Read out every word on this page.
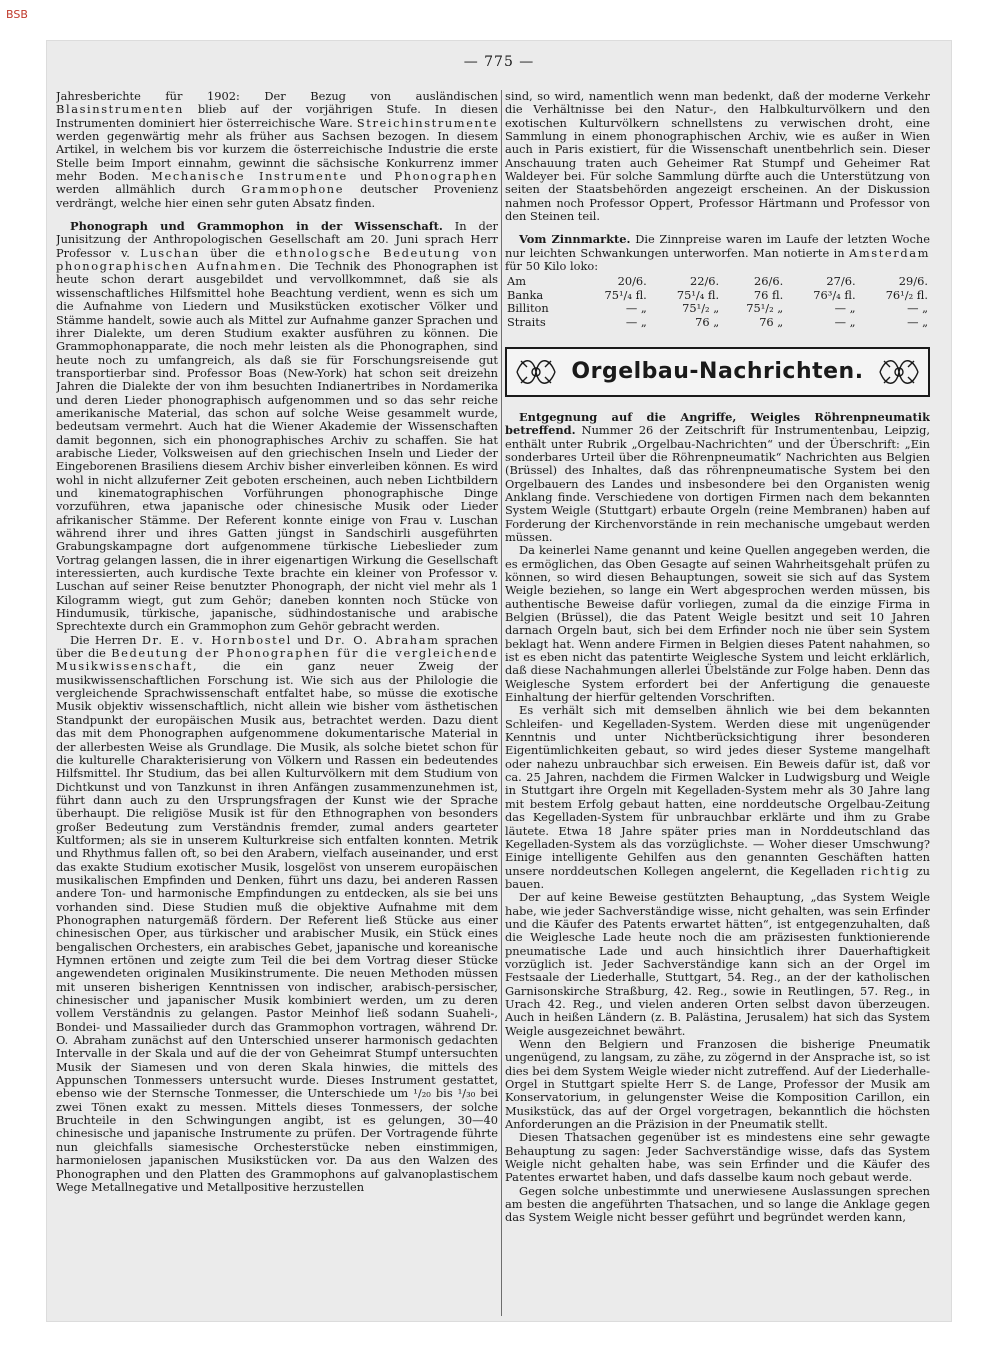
BSB
— 775 —

Jahresberichte für 1902: Der Bezug von ausländischen Blasinstrumenten blieb auf der vorjährigen Stufe. In diesen Instrumenten dominiert hier österreichische Ware. Streichinstrumente werden gegenwärtig mehr als früher aus Sachsen bezogen. In diesem Artikel, in welchem bis vor kurzem die österreichische Industrie die erste Stelle beim Import einnahm, gewinnt die sächsische Konkurrenz immer mehr Boden. Mechanische Instrumente und Phonographen werden allmählich durch Grammophone deutscher Provenienz verdrängt, welche hier einen sehr guten Absatz finden.

Phonograph und Grammophon in der Wissenschaft. In der Junisitzung der Anthropologischen Gesellschaft am 20. Juni sprach Herr Professor v. Luschan über die ethnologsche Bedeutung von phonographischen Aufnahmen. Die Technik des Phonographen ist heute schon derart ausgebildet und vervollkommnet, daß sie als wissenschaftliches Hilfsmittel hohe Beachtung verdient, wenn es sich um die Aufnahme von Liedern und Musikstücken exotischer Völker und Stämme handelt, sowie auch als Mittel zur Aufnahme ganzer Sprachen und ihrer Dialekte, um deren Studium exakter ausführen zu können. Die Grammophonapparate, die noch mehr leisten als die Phonographen, sind heute noch zu umfangreich, als daß sie für Forschungsreisende gut transportierbar sind. Professor Boas (New-York) hat schon seit dreizehn Jahren die Dialekte der von ihm besuchten Indianertribes in Nordamerika und deren Lieder phonographisch aufgenommen und so das sehr reiche amerikanische Material, das schon auf solche Weise gesammelt wurde, bedeutsam vermehrt. Auch hat die Wiener Akademie der Wissenschaften damit begonnen, sich ein phonographisches Archiv zu schaffen. Sie hat arabische Lieder, Volksweisen auf den griechischen Inseln und Lieder der Eingeborenen Brasiliens diesem Archiv bisher einverleiben können. Es wird wohl in nicht allzuferner Zeit geboten erscheinen, auch neben Lichtbildern und kinematographischen Vorführungen phonographische Dinge vorzuführen, etwa japanische oder chinesische Musik oder Lieder afrikanischer Stämme. Der Referent konnte einige von Frau v. Luschan während ihrer und ihres Gatten jüngst in Sandschirli ausgeführten Grabungskampagne dort aufgenommene türkische Liebeslieder zum Vortrag gelangen lassen, die in ihrer eigenartigen Wirkung die Gesellschaft interessierten, auch kurdische Texte brachte ein kleiner von Professor v. Luschan auf seiner Reise benutzter Phonograph, der nicht viel mehr als 1 Kilogramm wiegt, gut zum Gehör; daneben konnten noch Stücke von Hindumusik, türkische, japanische, südhindostanische und arabische Sprechtexte durch ein Grammophon zum Gehör gebracht werden.

Die Herren Dr. E. v. Hornbostel und Dr. O. Abraham sprachen über die Bedeutung der Phonographen für die vergleichende Musikwissenschaft, die ein ganz neuer Zweig der musikwissenschaftlichen Forschung ist. Wie sich aus der Philologie die vergleichende Sprachwissenschaft entfaltet habe, so müsse die exotische Musik objektiv wissenschaftlich, nicht allein wie bisher vom ästhetischen Standpunkt der europäischen Musik aus, betrachtet werden. Dazu dient das mit dem Phonographen aufgenommene dokumentarische Material in der allerbesten Weise als Grundlage. Die Musik, als solche bietet schon für die kulturelle Charakterisierung von Völkern und Rassen ein bedeutendes Hilfsmittel. Ihr Studium, das bei allen Kulturvölkern mit dem Studium von Dichtkunst und von Tanzkunst in ihren Anfängen zusammenzunehmen ist, führt dann auch zu den Ursprungsfragen der Kunst wie der Sprache überhaupt. Die religiöse Musik ist für den Ethnographen von besonders großer Bedeutung zum Verständnis fremder, zumal anders gearteter Kultformen; als sie in unserem Kulturkreise sich entfalten konnten. Metrik und Rhythmus fallen oft, so bei den Arabern, vielfach auseinander, und erst das exakte Studium exotischer Musik, losgelöst von unserem europäischen musikalischen Empfinden und Denken, führt uns dazu, bei anderen Rassen andere Ton- und harmonische Empfindungen zu entdecken, als sie bei uns vorhanden sind. Diese Studien muß die objektive Aufnahme mit dem Phonographen naturgemäß fördern. Der Referent ließ Stücke aus einer chinesischen Oper, aus türkischer und arabischer Musik, ein Stück eines bengalischen Orchesters, ein arabisches Gebet, japanische und koreanische Hymnen ertönen und zeigte zum Teil die bei dem Vortrag dieser Stücke angewendeten originalen Musikinstrumente. Die neuen Methoden müssen mit unseren bisherigen Kenntnissen von indischer, arabisch-persischer, chinesischer und japanischer Musik kombiniert werden, um zu deren vollem Verständnis zu gelangen. Pastor Meinhof ließ sodann Suaheli-, Bondei- und Massailieder durch das Grammophon vortragen, während Dr. O. Abraham zunächst auf den Unterschied unserer harmonisch gedachten Intervalle in der Skala und auf die der von Geheimrat Stumpf untersuchten Musik der Siamesen und von deren Skala hinwies, die mittels des Appunschen Tonmessers untersucht wurde. Dieses Instrument gestattet, ebenso wie der Sternsche Tonmesser, die Unterschiede um ¹/₂₀ bis ¹/₃₀ bei zwei Tönen exakt zu messen. Mittels dieses Tonmessers, der solche Bruchteile in den Schwingungen angibt, ist es gelungen, 30—40 chinesische und japanische Instrumente zu prüfen. Der Vortragende führte nun gleichfalls siamesische Orchesterstücke neben einstimmigen, harmonielosen japanischen Musikstücken vor. Da aus den Walzen des Phonographen und den Platten des Grammophons auf galvanoplastischem Wege Metallnegative und Metallpositive herzustellen

sind, so wird, namentlich wenn man bedenkt, daß der moderne Verkehr die Verhältnisse bei den Natur-, den Halbkulturvölkern und den exotischen Kulturvölkern schnellstens zu verwischen droht, eine Sammlung in einem phonographischen Archiv, wie es außer in Wien auch in Paris existiert, für die Wissenschaft unentbehrlich sein. Dieser Anschauung traten auch Geheimer Rat Stumpf und Geheimer Rat Waldeyer bei. Für solche Sammlung dürfte auch die Unterstützung von seiten der Staatsbehörden angezeigt erscheinen. An der Diskussion nahmen noch Professor Oppert, Professor Härtmann und Professor von den Steinen teil.

Vom Zinnmarkte. Die Zinnpreise waren im Laufe der letzten Woche nur leichten Schwankungen unterworfen. Man notierte in Amsterdam für 50 Kilo loko:

Am	20/6.	22/6.	26/6.	27/6.	29/6.
Banka	75¹/₄ fl.	75¹/₄ fl.	76 fl.	76³/₄ fl.	76¹/₂ fl.
Billiton	— „	75¹/₂ „	75¹/₂ „	— „	— „
Straits	— „	76 „	76 „	— „	— „
Orgelbau-Nachrichten.

Entgegnung auf die Angriffe, Weigles Röhrenpneumatik betreffend. Nummer 26 der Zeitschrift für Instrumentenbau, Leipzig, enthält unter Rubrik „Orgelbau-Nachrichten“ und der Überschrift: „Ein sonderbares Urteil über die Röhrenpneumatik“ Nachrichten aus Belgien (Brüssel) des Inhaltes, daß das röhrenpneumatische System bei den Orgelbauern des Landes und insbesondere bei den Organisten wenig Anklang finde. Verschiedene von dortigen Firmen nach dem bekannten System Weigle (Stuttgart) erbaute Orgeln (reine Membranen) haben auf Forderung der Kirchenvorstände in rein mechanische umgebaut werden müssen.

Da keinerlei Name genannt und keine Quellen angegeben werden, die es ermöglichen, das Oben Gesagte auf seinen Wahrheitsgehalt prüfen zu können, so wird diesen Behauptungen, soweit sie sich auf das System Weigle beziehen, so lange ein Wert abgesprochen werden müssen, bis authentische Beweise dafür vorliegen, zumal da die einzige Firma in Belgien (Brüssel), die das Patent Weigle besitzt und seit 10 Jahren darnach Orgeln baut, sich bei dem Erfinder noch nie über sein System beklagt hat. Wenn andere Firmen in Belgien dieses Patent nahahmen, so ist es eben nicht das patentirte Weiglesche System und leicht erklärlich, daß diese Nachahmungen allerlei Übelstände zur Folge haben. Denn das Weiglesche System erfordert bei der Anfertigung die genaueste Einhaltung der hierfür geltenden Vorschriften.

Es verhält sich mit demselben ähnlich wie bei dem bekannten Schleifen- und Kegelladen-System. Werden diese mit ungenügender Kenntnis und unter Nichtberücksichtigung ihrer besonderen Eigentümlichkeiten gebaut, so wird jedes dieser Systeme mangelhaft oder nahezu unbrauchbar sich erweisen. Ein Beweis dafür ist, daß vor ca. 25 Jahren, nachdem die Firmen Walcker in Ludwigsburg und Weigle in Stuttgart ihre Orgeln mit Kegelladen-System mehr als 30 Jahre lang mit bestem Erfolg gebaut hatten, eine norddeutsche Orgelbau-Zeitung das Kegelladen-System für unbrauchbar erklärte und ihm zu Grabe läutete. Etwa 18 Jahre später pries man in Norddeutschland das Kegelladen-System als das vorzüglichste. — Woher dieser Umschwung? Einige intelligente Gehilfen aus den genannten Geschäften hatten unsere norddeutschen Kollegen angelernt, die Kegelladen richtig zu bauen.

Der auf keine Beweise gestützten Behauptung, „das System Weigle habe, wie jeder Sachverständige wisse, nicht gehalten, was sein Erfinder und die Käufer des Patents erwartet hätten“, ist entgegenzuhalten, daß die Weiglesche Lade heute noch die am präzisesten funktionierende pneumatische Lade und auch hinsichtlich ihrer Dauerhaftigkeit vorzüglich ist. Jeder Sachverständige kann sich an der Orgel im Festsaale der Liederhalle, Stuttgart, 54. Reg., an der der katholischen Garnisonskirche Straßburg, 42. Reg., sowie in Reutlingen, 57. Reg., in Urach 42. Reg., und vielen anderen Orten selbst davon überzeugen. Auch in heißen Ländern (z. B. Palästina, Jerusalem) hat sich das System Weigle ausgezeichnet bewährt.

Wenn den Belgiern und Franzosen die bisherige Pneumatik ungenügend, zu langsam, zu zähe, zu zögernd in der Ansprache ist, so ist dies bei dem System Weigle wieder nicht zutreffend. Auf der Liederhalle-Orgel in Stuttgart spielte Herr S. de Lange, Professor der Musik am Konservatorium, in gelungenster Weise die Komposition Carillon, ein Musikstück, das auf der Orgel vorgetragen, bekanntlich die höchsten Anforderungen an die Präzision in der Pneumatik stellt.

Diesen Thatsachen gegenüber ist es mindestens eine sehr gewagte Behauptung zu sagen: Jeder Sachverständige wisse, dafs das System Weigle nicht gehalten habe, was sein Erfinder und die Käufer des Patentes erwartet haben, und dafs dasselbe kaum noch gebaut werde.

Gegen solche unbestimmte und unerwiesene Auslassungen sprechen am besten die angeführten Thatsachen, und so lange die Anklage gegen das System Weigle nicht besser geführt und begründet werden kann,
